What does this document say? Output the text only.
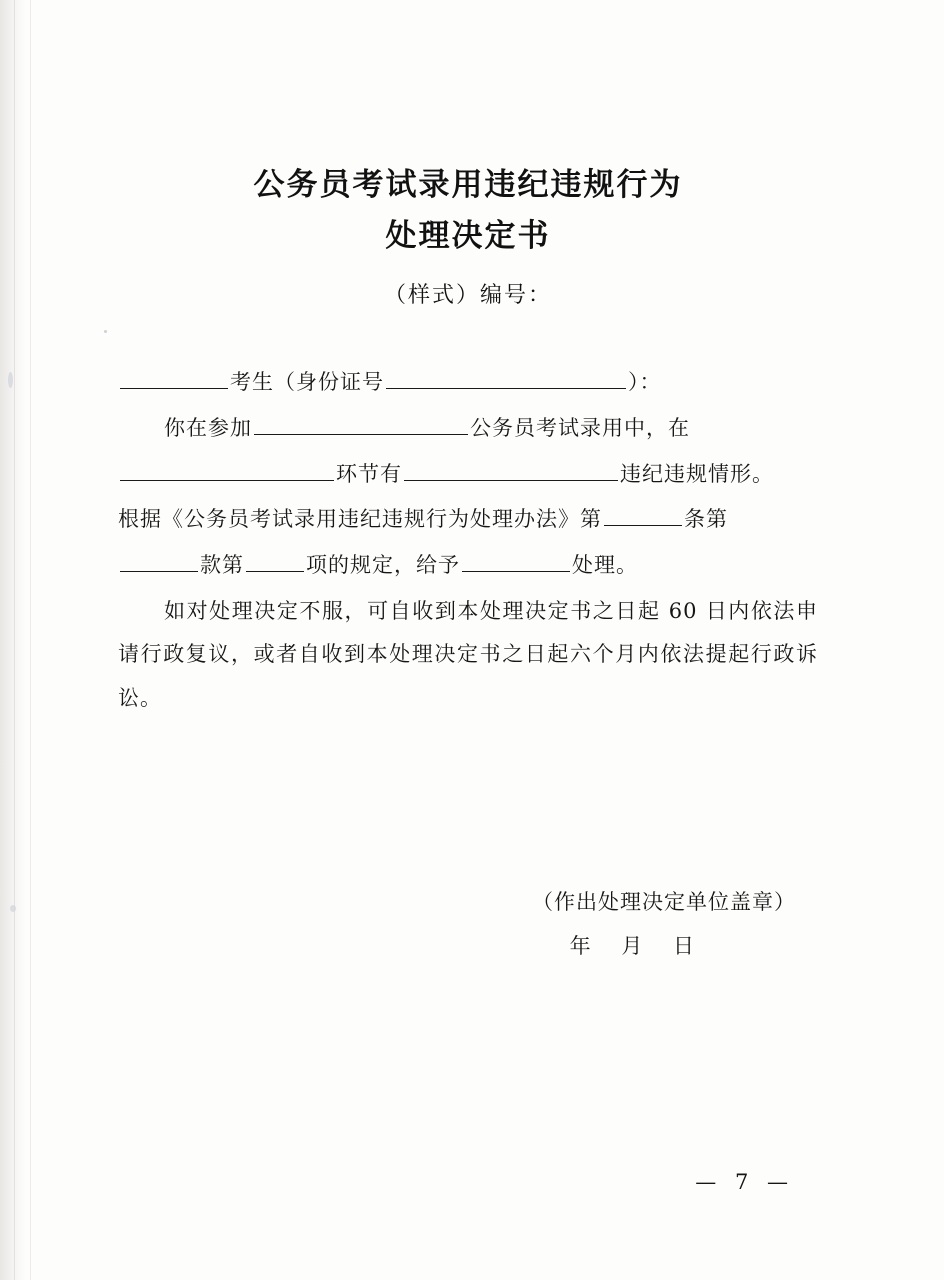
公务员考试录用违纪违规行为
处理决定书
（样式）编号：

考生（身份证号	）：

你在参加	公务员考试录用中，在

环节有	违纪违规情形。

根据《公务员考试录用违纪违规行为处理办法》第	条第

款第	项的规定，给予	处理。

如对处理决定不服，可自收到本处理决定书之日起 60 日内依法申请行政复议，或者自收到本处理决定书之日起六个月内依法提起行政诉讼。

（作出处理决定单位盖章）
年 月 日
— 7 —
